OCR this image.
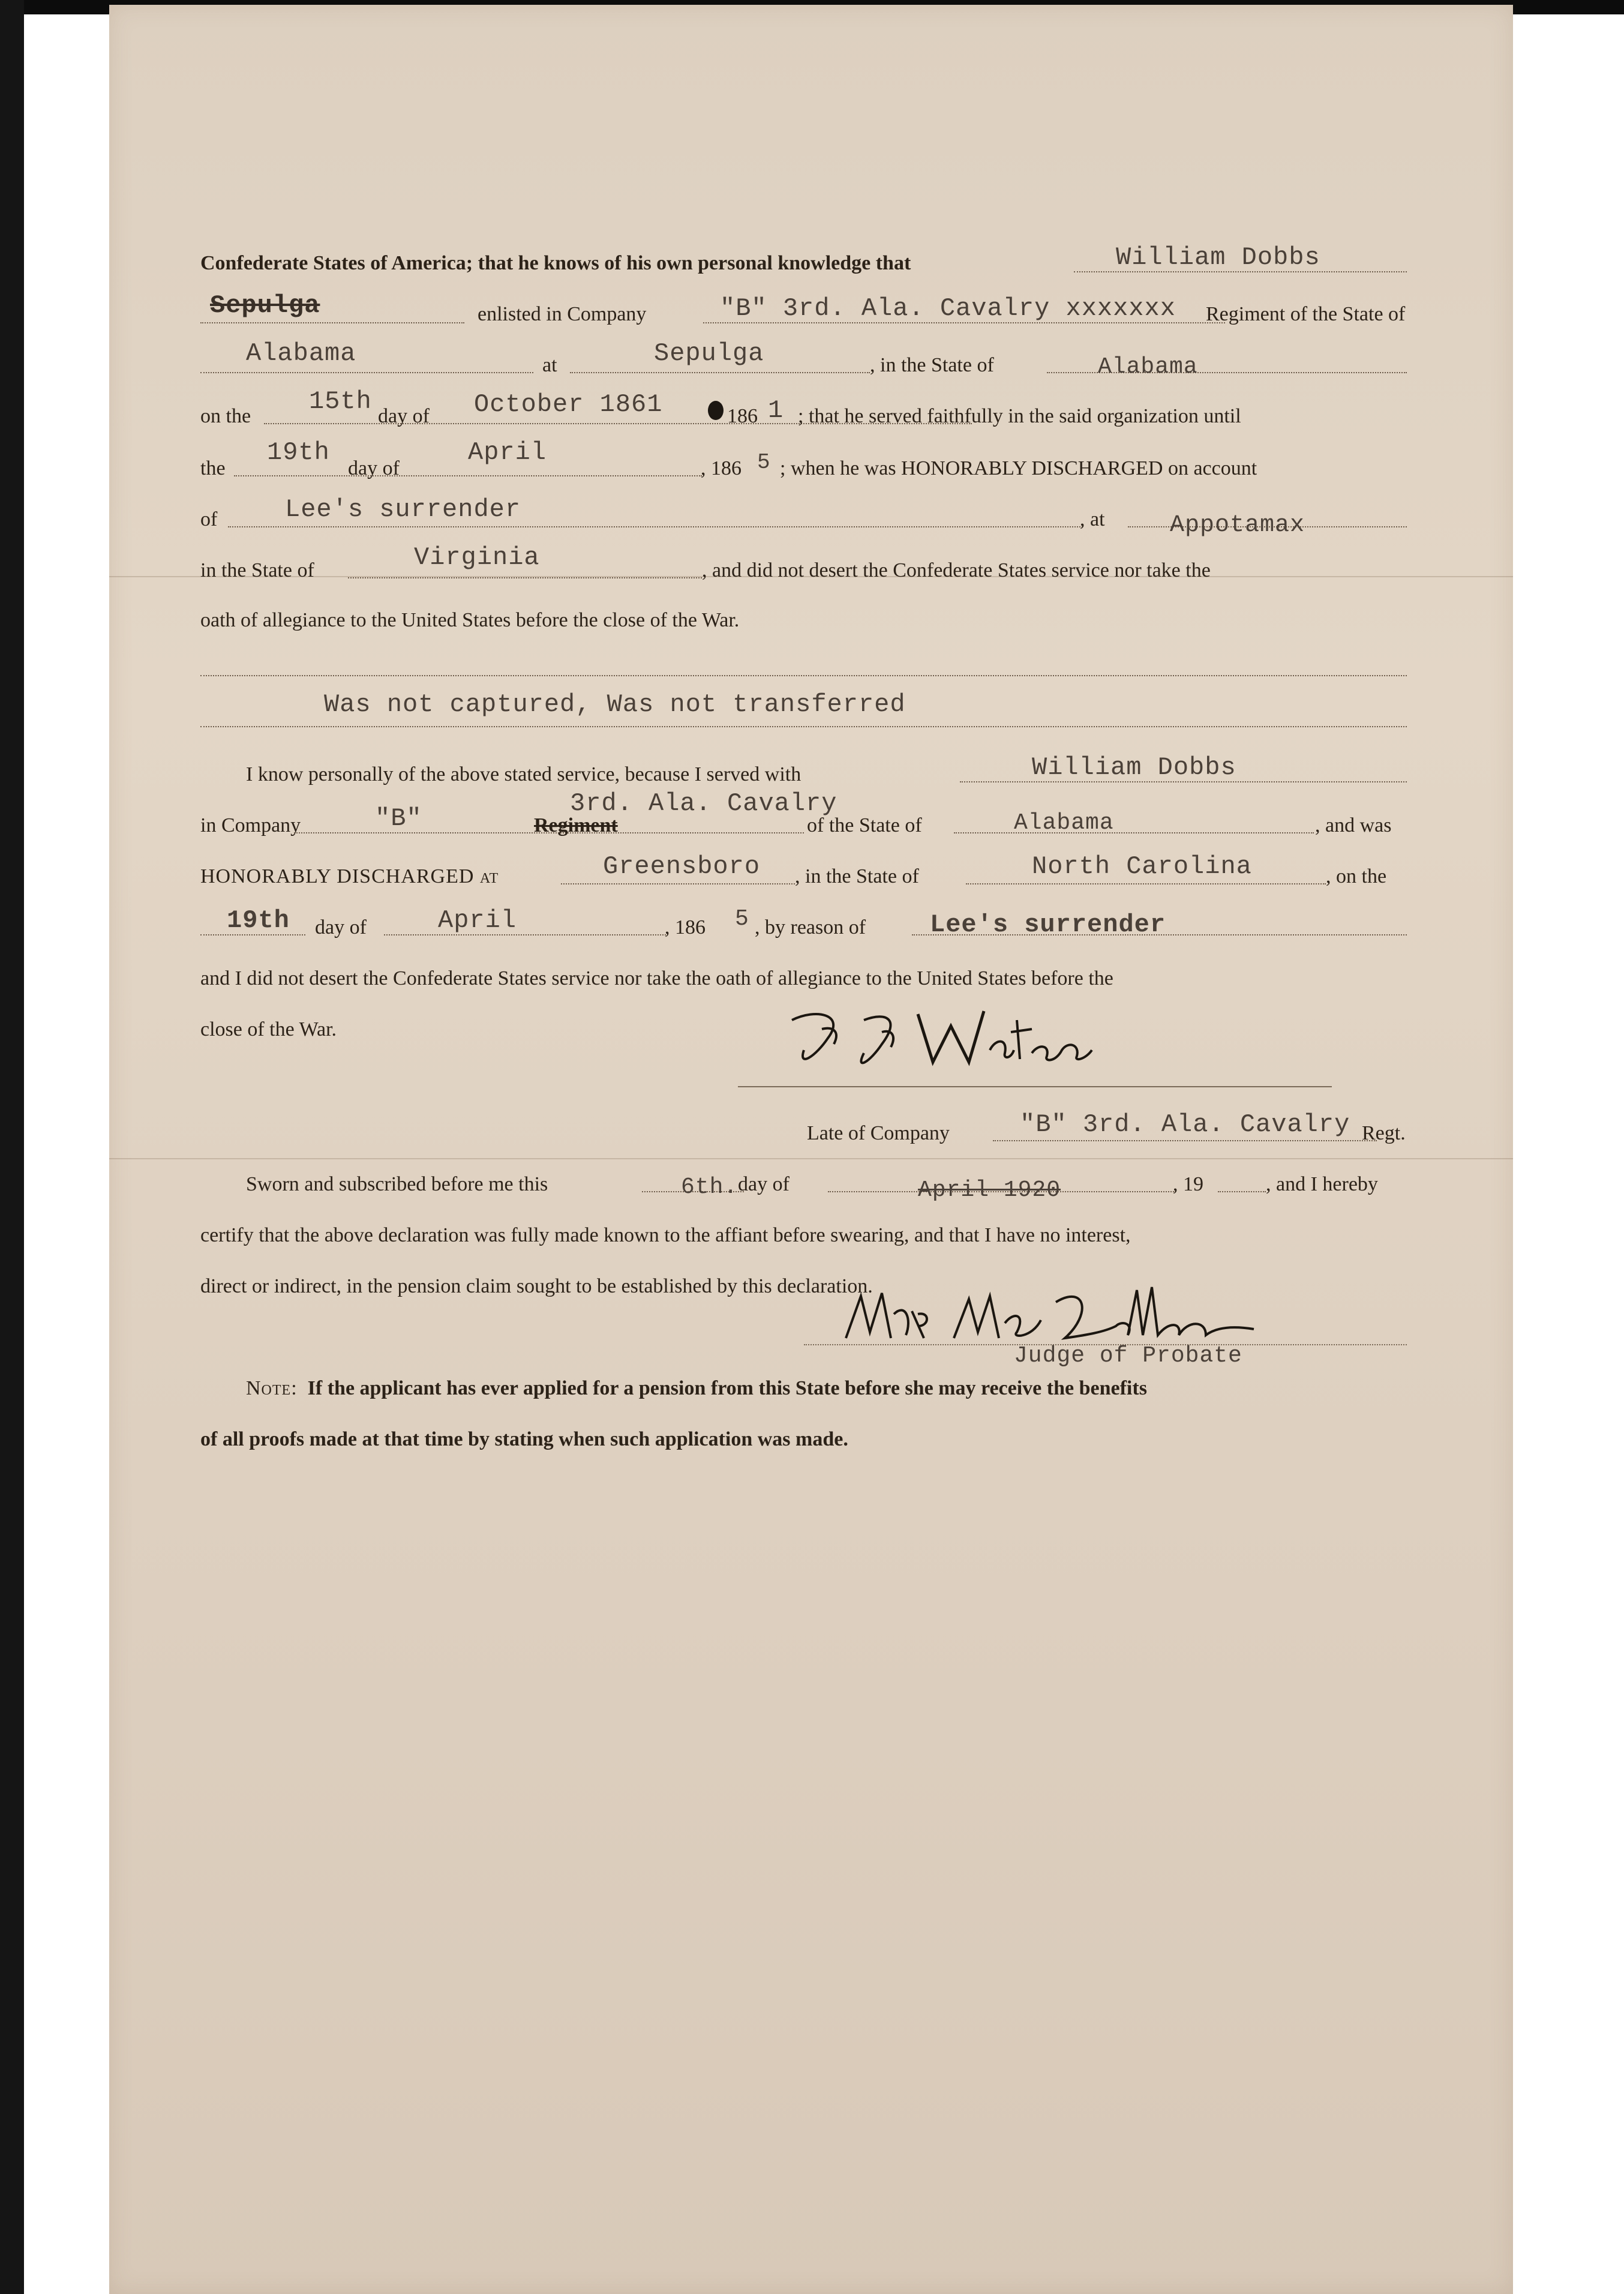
Confederate States of America; that he knows of his own personal knowledge that	William Dobbs
Sepulga	enlisted in Company	"B" 3rd. Ala. Cavalry xxxxxxx Regiment of the State of
Alabama	at	Sepulga	, in the State of	Alabama
on the
15th
day of October 1861	186 1 ; that he served faithfully in the said organization until
the
19th
day of
April
, 186 5 ; when he was HONORABLY DISCHARGED on account
of	Lee's surrender	, at	Appotamax
in the State of	Virginia	, and did not desert the Confederate States service nor take the
oath of allegiance to the United States before the close of the War.
Was not captured, Was not transferred
I know personally of the above stated service, because I served with	William Dobbs
in Company	"B"	Regiment
3rd. Ala. Cavalry
of the State of	Alabama	, and was
HONORABLY DISCHARGED at	Greensboro , in the State of	North Carolina	, on the
19th day of	April	, 186 5 , by reason of	Lee's surrender
and I did not desert the Confederate States service nor take the oath of allegiance to the United States before the
close of the War.
Late of Company	"B" 3rd. Ala. Cavalry Regt.
Sworn and subscribed before me this	6th. day of	April 1920	, 19	, and I hereby
certify that the above declaration was fully made known to the affiant before swearing, and that I have no interest,
direct or indirect, in the pension claim sought to be established by this declaration.
Judge of Probate
Note: If the applicant has ever applied for a pension from this State before she may receive the benefits
of all proofs made at that time by stating when such application was made.
